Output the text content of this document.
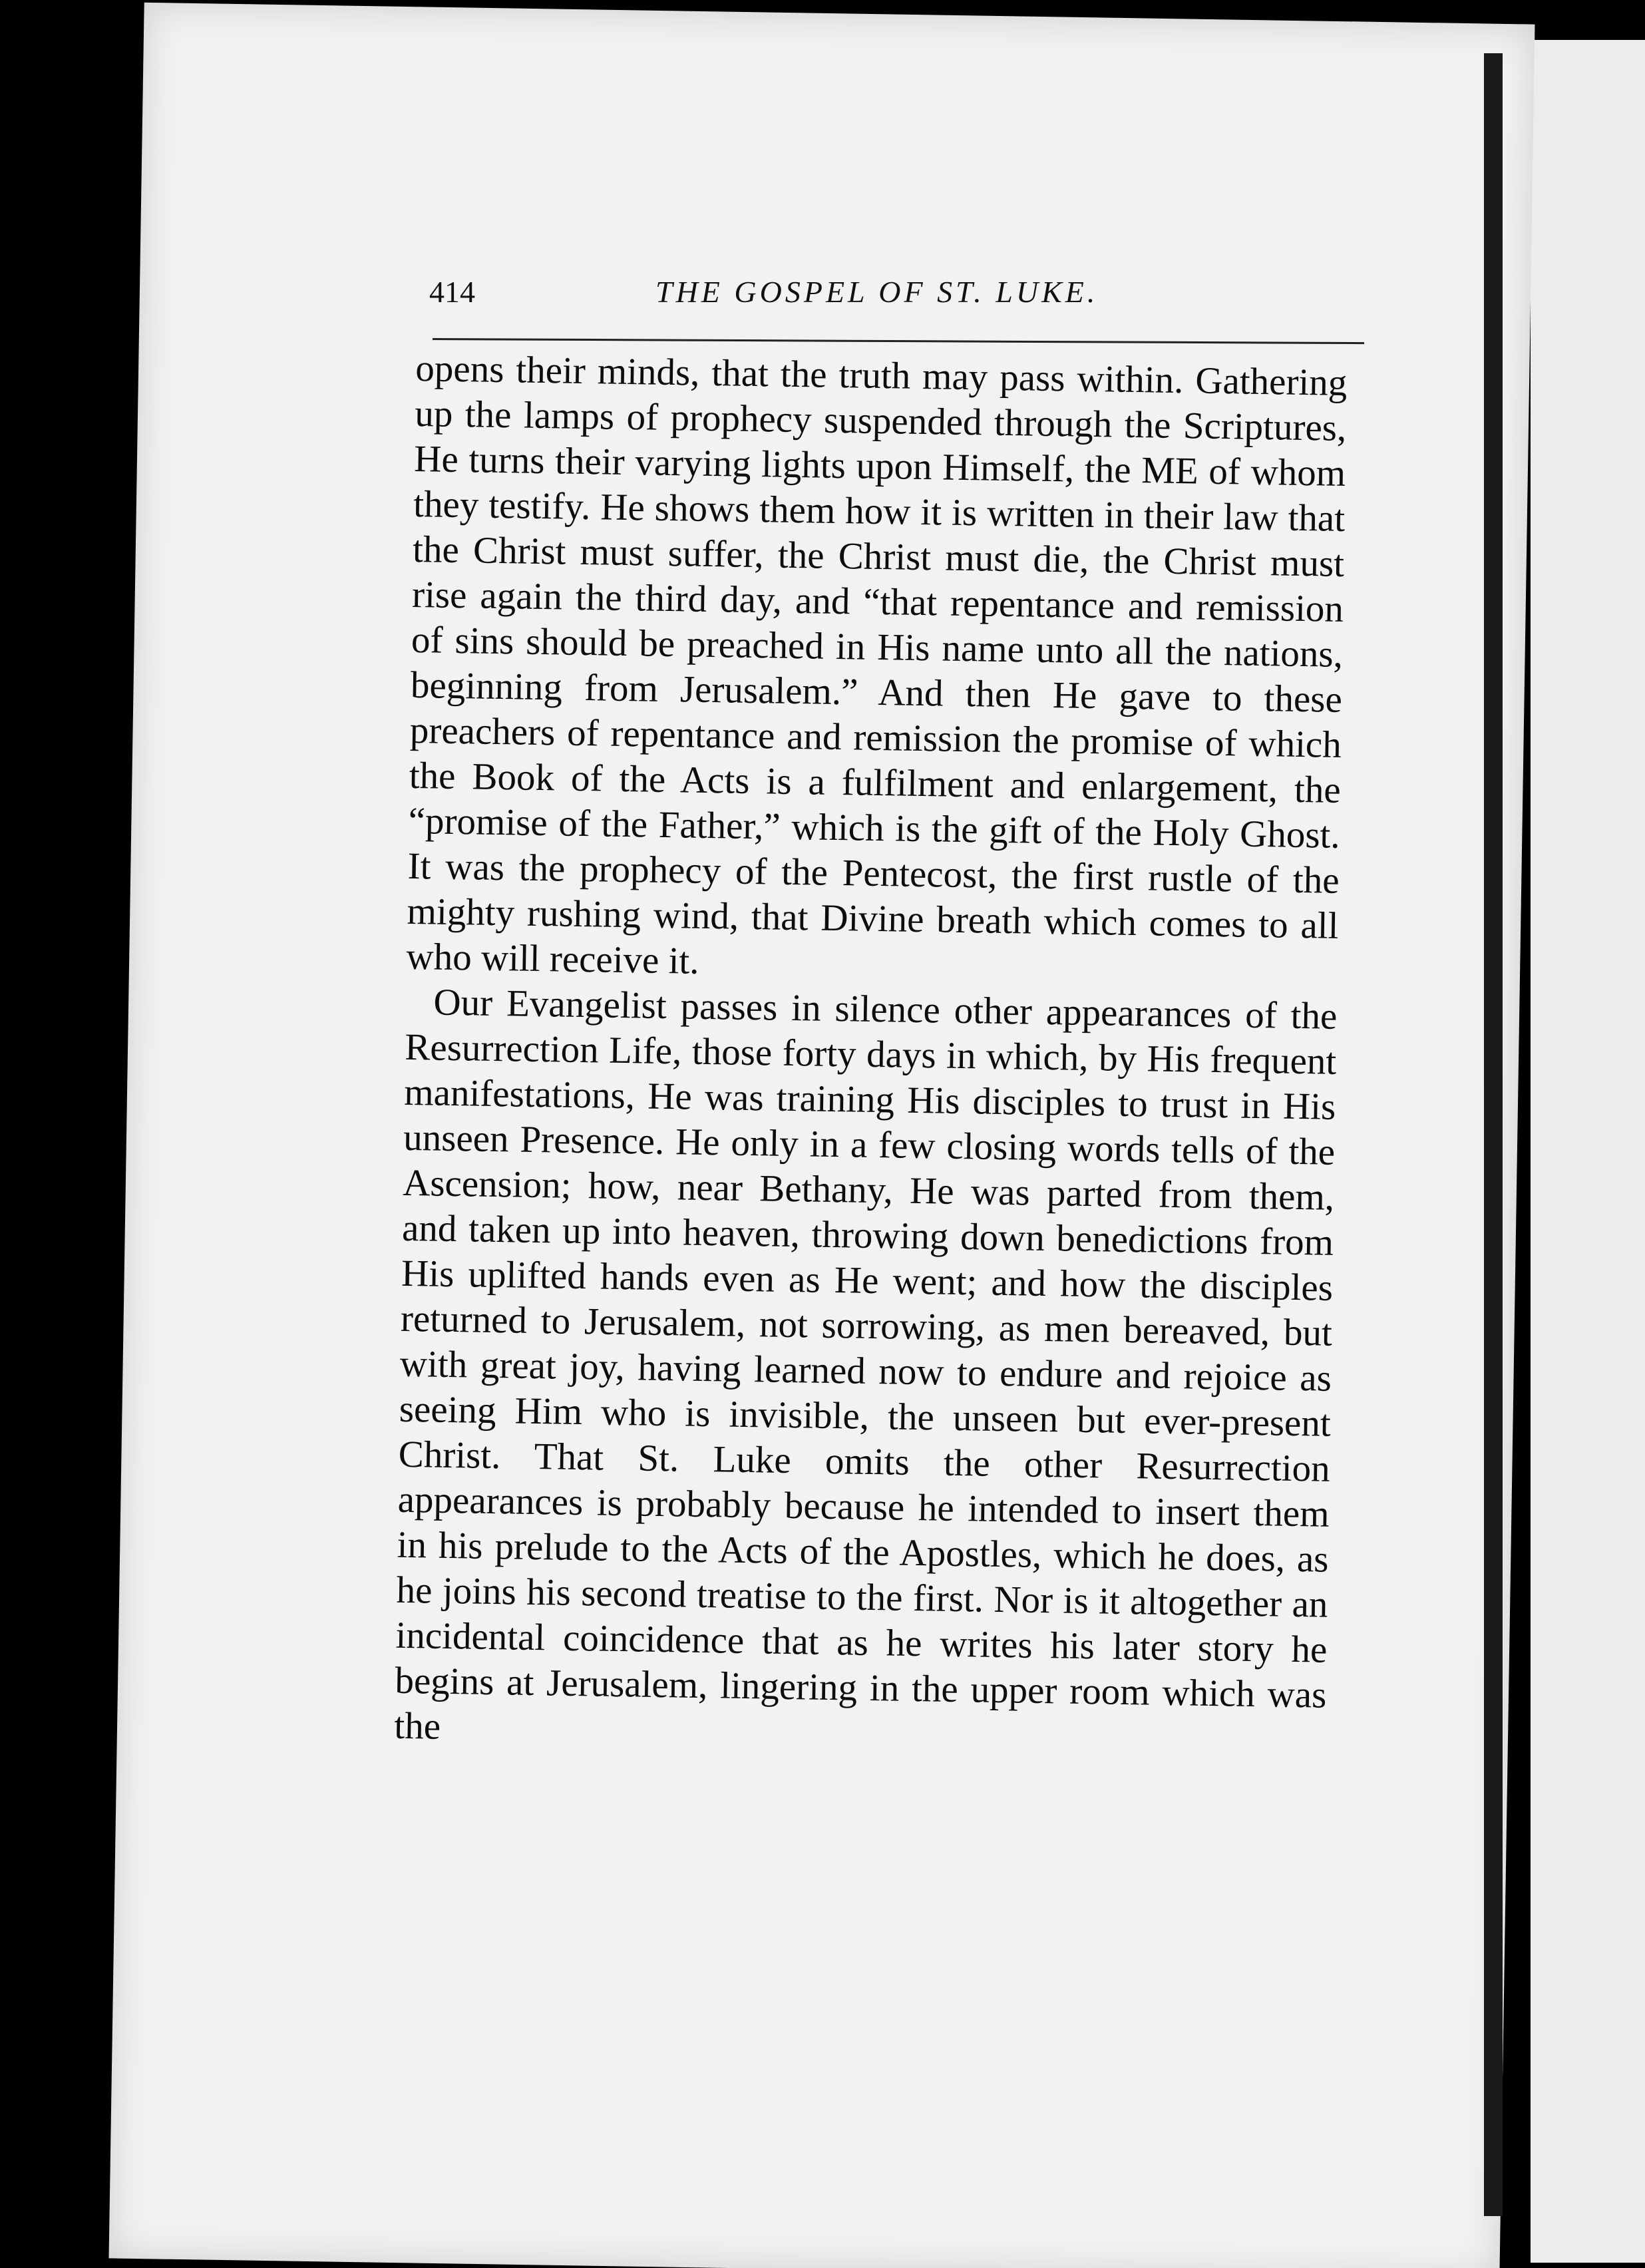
414	THE GOSPEL OF ST. LUKE.

opens their minds, that the truth may pass within. Gathering up the lamps of prophecy suspended through the Scriptures, He turns their varying lights upon Himself, the ME of whom they testify. He shows them how it is written in their law that the Christ must suffer, the Christ must die, the Christ must rise again the third day, and “that repentance and remission of sins should be preached in His name unto all the nations, beginning from Jerusalem.” And then He gave to these preachers of repentance and remission the promise of which the Book of the Acts is a fulfilment and enlargement, the “promise of the Father,” which is the gift of the Holy Ghost. It was the prophecy of the Pentecost, the first rustle of the mighty rushing wind, that Divine breath which comes to all who will receive it.

Our Evangelist passes in silence other appearances of the Resurrection Life, those forty days in which, by His frequent manifestations, He was training His disciples to trust in His unseen Presence. He only in a few closing words tells of the Ascension; how, near Bethany, He was parted from them, and taken up into heaven, throwing down benedictions from His uplifted hands even as He went; and how the disciples returned to Jerusalem, not sorrowing, as men bereaved, but with great joy, having learned now to endure and rejoice as seeing Him who is invisible, the unseen but ever-present Christ. That St. Luke omits the other Resurrection appearances is probably because he intended to insert them in his prelude to the Acts of the Apostles, which he does, as he joins his second treatise to the first. Nor is it altogether an incidental coincidence that as he writes his later story he begins at Jerusalem, lingering in the upper room which was the
